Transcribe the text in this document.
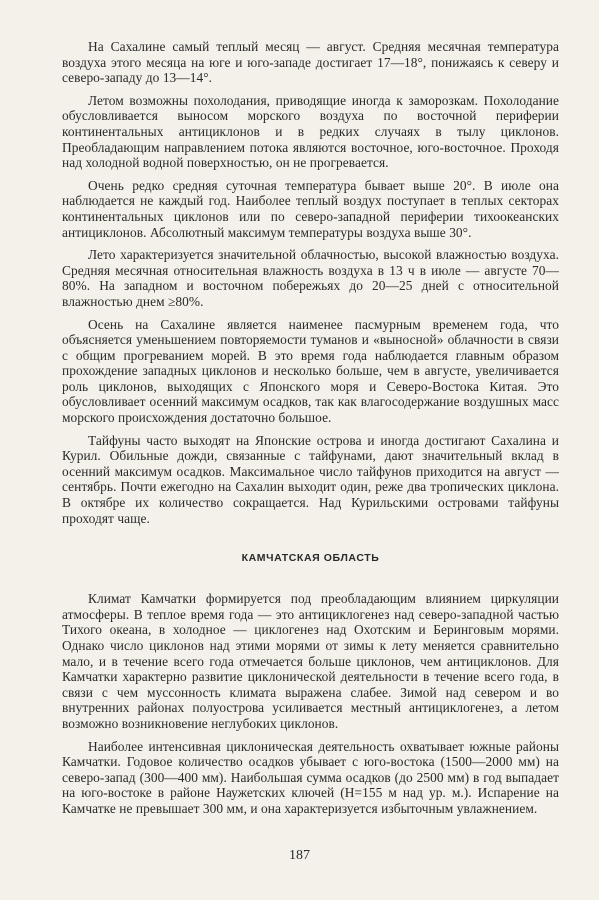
На Сахалине самый теплый месяц — август. Средняя месячная температура воздуха этого месяца на юге и юго-западе достигает 17—18°, понижаясь к северу и северо-западу до 13—14°.

Летом возможны похолодания, приводящие иногда к заморозкам. Похолодание обусловливается выносом морского воздуха по восточной периферии континентальных антициклонов и в редких случаях в тылу циклонов. Преобладающим направлением потока являются восточное, юго-восточное. Проходя над холодной водной поверхностью, он не прогревается.

Очень редко средняя суточная температура бывает выше 20°. В июле она наблюдается не каждый год. Наиболее теплый воздух поступает в теплых секторах континентальных циклонов или по северо-западной периферии тихоокеанских антициклонов. Абсолютный максимум температуры воздуха выше 30°.

Лето характеризуется значительной облачностью, высокой влажностью воздуха. Средняя месячная относительная влажность воздуха в 13 ч в июле — августе 70—80%. На западном и восточном побережьях до 20—25 дней с относительной влажностью днем ≥80%.

Осень на Сахалине является наименее пасмурным временем года, что объясняется уменьшением повторяемости туманов и «выносной» облачности в связи с общим прогреванием морей. В это время года наблюдается главным образом прохождение западных циклонов и несколько больше, чем в августе, увеличивается роль циклонов, выходящих с Японского моря и Северо-Востока Китая. Это обусловливает осенний максимум осадков, так как влагосодержание воздушных масс морского происхождения достаточно большое.

Тайфуны часто выходят на Японские острова и иногда достигают Сахалина и Курил. Обильные дожди, связанные с тайфунами, дают значительный вклад в осенний максимум осадков. Максимальное число тайфунов приходится на август — сентябрь. Почти ежегодно на Сахалин выходит один, реже два тропических циклона. В октябре их количество сокращается. Над Курильскими островами тайфуны проходят чаще.

КАМЧАТСКАЯ ОБЛАСТЬ

Климат Камчатки формируется под преобладающим влиянием циркуляции атмосферы. В теплое время года — это антициклогенез над северо-западной частью Тихого океана, в холодное — циклогенез над Охотским и Беринговым морями. Однако число циклонов над этими морями от зимы к лету меняется сравнительно мало, и в течение всего года отмечается больше циклонов, чем антициклонов. Для Камчатки характерно развитие циклонической деятельности в течение всего года, в связи с чем муссонность климата выражена слабее. Зимой над севером и во внутренних районах полуострова усиливается местный антициклогенез, а летом возможно возникновение неглубоких циклонов.

Наиболее интенсивная циклоническая деятельность охватывает южные районы Камчатки. Годовое количество осадков убывает с юго-востока (1500—2000 мм) на северо-запад (300—400 мм). Наибольшая сумма осадков (до 2500 мм) в год выпадает на юго-востоке в районе Наужетских ключей (H=155 м над ур. м.). Испарение на Камчатке не превышает 300 мм, и она характеризуется избыточным увлажнением.

187
